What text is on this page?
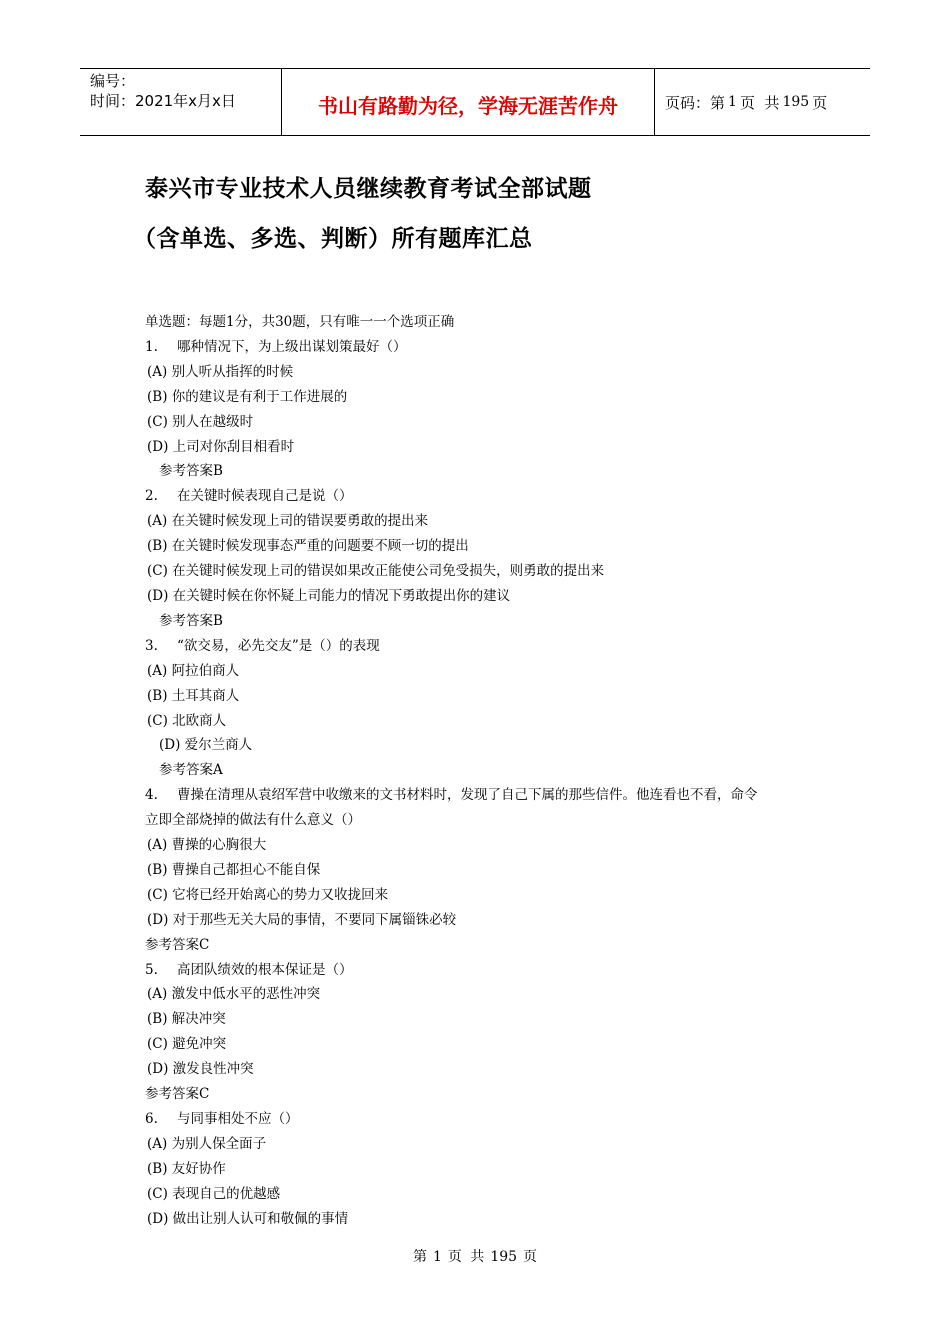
编号：
时间：2021年x月x日	书山有路勤为径，学海无涯苦作舟	页码：第 1 页  共 195 页
泰兴市专业技术人员继续教育考试全部试题
（含单选、多选、判断）所有题库汇总
单选题：每题1分，共30题，只有唯一一个选项正确
1. 哪种情况下，为上级出谋划策最好（）
(A) 别人听从指挥的时候
(B) 你的建议是有利于工作进展的
(C) 别人在越级时
(D) 上司对你刮目相看时
参考答案B
2. 在关键时候表现自己是说（）
(A) 在关键时候发现上司的错误要勇敢的提出来
(B) 在关键时候发现事态严重的问题要不顾一切的提出
(C) 在关键时候发现上司的错误如果改正能使公司免受损失，则勇敢的提出来
(D) 在关键时候在你怀疑上司能力的情况下勇敢提出你的建议
参考答案B
3. “欲交易，必先交友”是（）的表现
(A) 阿拉伯商人
(B) 土耳其商人
(C) 北欧商人
(D) 爱尔兰商人
参考答案A
4. 曹操在清理从袁绍军营中收缴来的文书材料时，发现了自己下属的那些信件。他连看也不看，命令
立即全部烧掉的做法有什么意义（）
(A) 曹操的心胸很大
(B) 曹操自己都担心不能自保
(C) 它将已经开始离心的势力又收拢回来
(D) 对于那些无关大局的事情，不要同下属锱铢必较
参考答案C
5. 高团队绩效的根本保证是（）
(A) 激发中低水平的恶性冲突
(B) 解决冲突
(C) 避免冲突
(D) 激发良性冲突
参考答案C
6. 与同事相处不应（）
(A) 为别人保全面子
(B) 友好协作
(C) 表现自己的优越感
(D) 做出让别人认可和敬佩的事情
第 1 页 共 195 页
